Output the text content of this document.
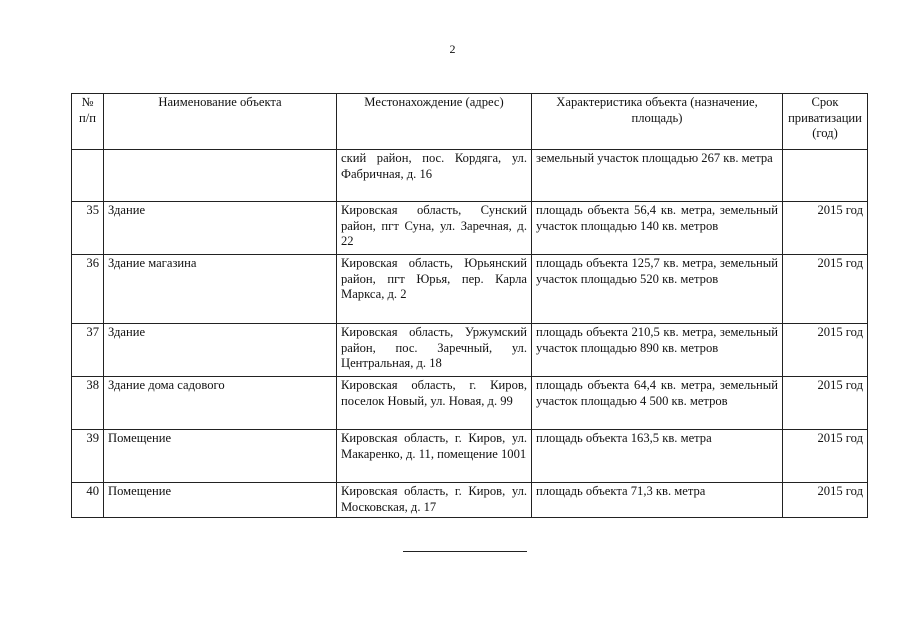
2
№ п/п	Наименование объекта	Местонахождение (адрес)	Характеристика объекта (назначение, площадь)	Срок приватизации (год)
		ский район, пос. Кордяга, ул. Фабричная, д. 16	земельный участок площадью 267 кв. метра	
35	Здание	Кировская область, Сунский район, пгт Суна, ул. Заречная, д. 22	площадь объекта 56,4 кв. метра, земельный участок площадью 140 кв. метров	2015 год
36	Здание магазина	Кировская область, Юрьянский район, пгт Юрья, пер. Карла Маркса, д. 2	площадь объекта 125,7 кв. метра, земельный участок площадью 520 кв. метров	2015 год
37	Здание	Кировская область, Уржумский район, пос. Заречный, ул. Центральная, д. 18	площадь объекта 210,5 кв. метра, земельный участок площадью 890 кв. метров	2015 год
38	Здание дома садового	Кировская область, г. Киров, поселок Новый, ул. Новая, д. 99	площадь объекта 64,4 кв. метра, земельный участок площадью 4 500 кв. метров	2015 год
39	Помещение	Кировская область, г. Киров, ул. Макаренко, д. 11, помещение 1001	площадь объекта 163,5 кв. метра	2015 год
40	Помещение	Кировская область, г. Киров, ул. Московская, д. 17	площадь объекта 71,3 кв. метра	2015 год
